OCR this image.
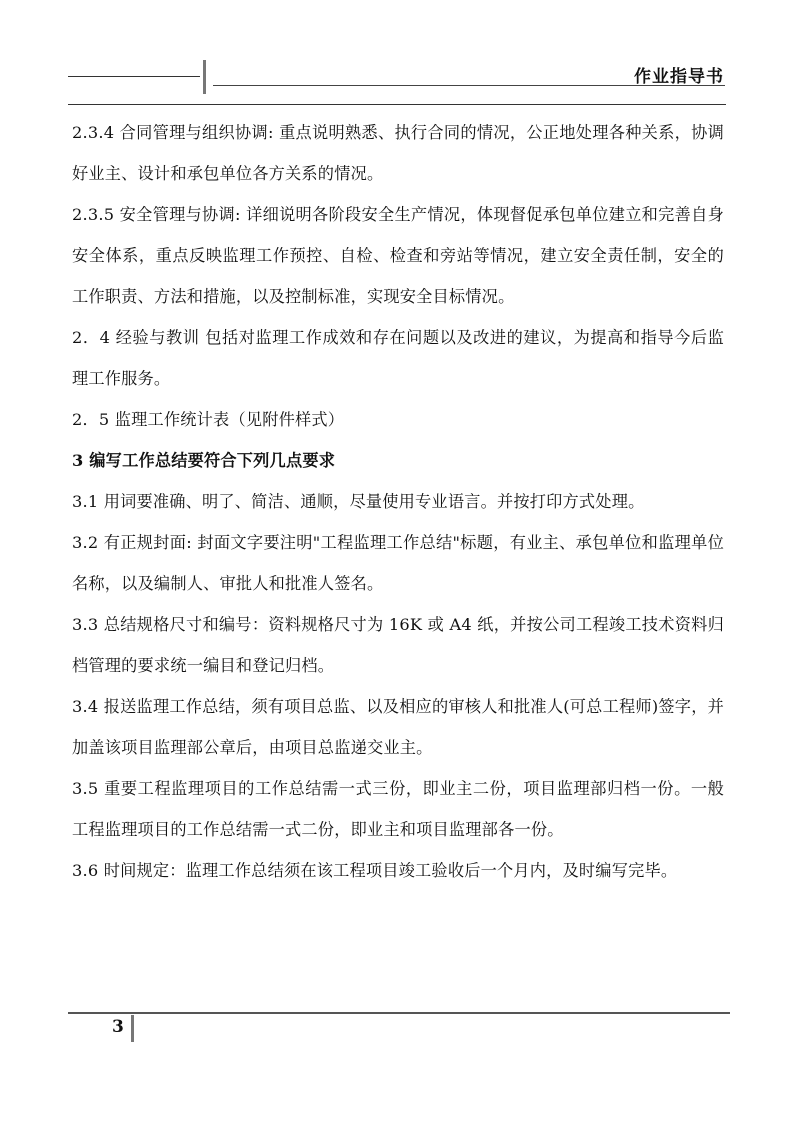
作业指导书

2.3.4 合同管理与组织协调: 重点说明熟悉、执行合同的情况，公正地处理各种关系，协调好业主、设计和承包单位各方关系的情况。

2.3.5 安全管理与协调: 详细说明各阶段安全生产情况，体现督促承包单位建立和完善自身安全体系，重点反映监理工作预控、自检、检查和旁站等情况，建立安全责任制，安全的工作职责、方法和措施，以及控制标准，实现安全目标情况。

2．4 经验与教训 包括对监理工作成效和存在问题以及改进的建议，为提高和指导今后监理工作服务。

2．5 监理工作统计表（见附件样式）

3 编写工作总结要符合下列几点要求

3.1 用词要准确、明了、简洁、通顺，尽量使用专业语言。并按打印方式处理。

3.2 有正规封面: 封面文字要注明"工程监理工作总结"标题，有业主、承包单位和监理单位名称，以及编制人、审批人和批准人签名。

3.3 总结规格尺寸和编号：资料规格尺寸为 16K 或 A4 纸，并按公司工程竣工技术资料归档管理的要求统一编目和登记归档。

3.4 报送监理工作总结，须有项目总监、以及相应的审核人和批准人(可总工程师)签字，并加盖该项目监理部公章后，由项目总监递交业主。

3.5 重要工程监理项目的工作总结需一式三份，即业主二份，项目监理部归档一份。一般工程监理项目的工作总结需一式二份，即业主和项目监理部各一份。

3.6 时间规定：监理工作总结须在该工程项目竣工验收后一个月内，及时编写完毕。

3
